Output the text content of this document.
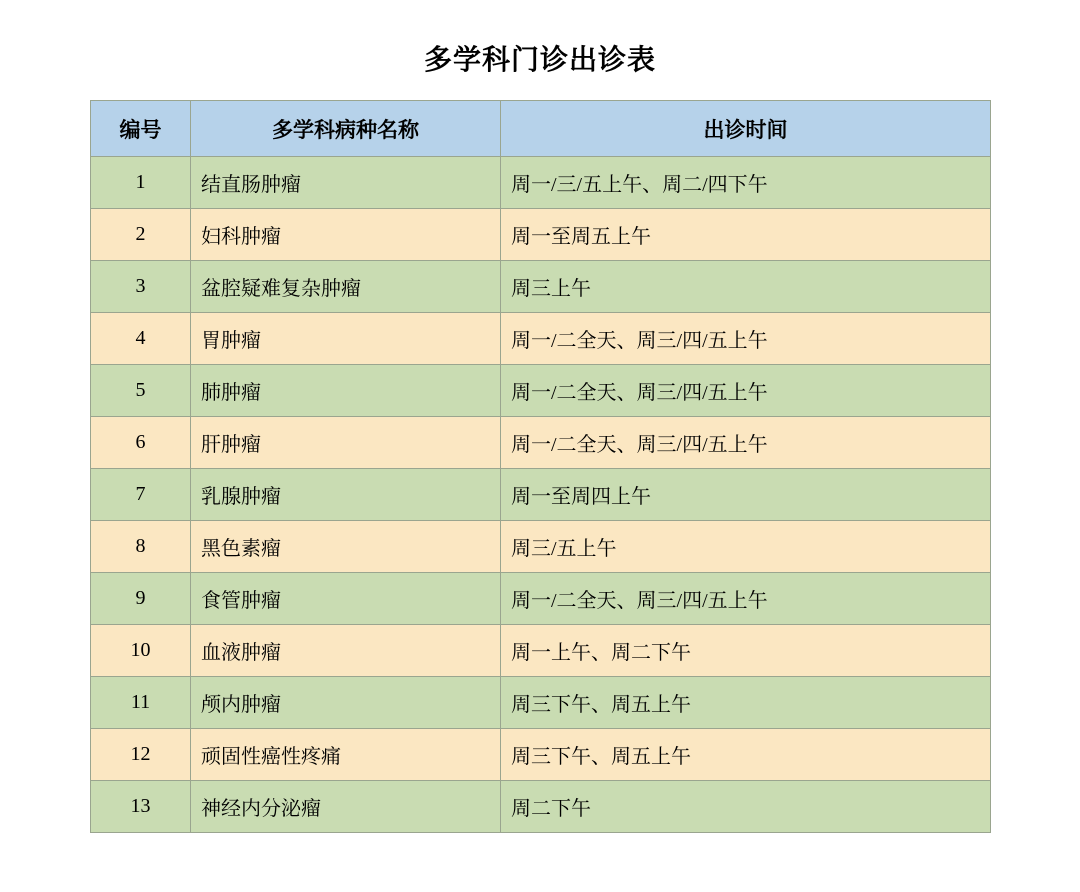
多学科门诊出诊表
编号	多学科病种名称	出诊时间
1	结直肠肿瘤	周一/三/五上午、周二/四下午
2	妇科肿瘤	周一至周五上午
3	盆腔疑难复杂肿瘤	周三上午
4	胃肿瘤	周一/二全天、周三/四/五上午
5	肺肿瘤	周一/二全天、周三/四/五上午
6	肝肿瘤	周一/二全天、周三/四/五上午
7	乳腺肿瘤	周一至周四上午
8	黑色素瘤	周三/五上午
9	食管肿瘤	周一/二全天、周三/四/五上午
10	血液肿瘤	周一上午、周二下午
11	颅内肿瘤	周三下午、周五上午
12	顽固性癌性疼痛	周三下午、周五上午
13	神经内分泌瘤	周二下午
